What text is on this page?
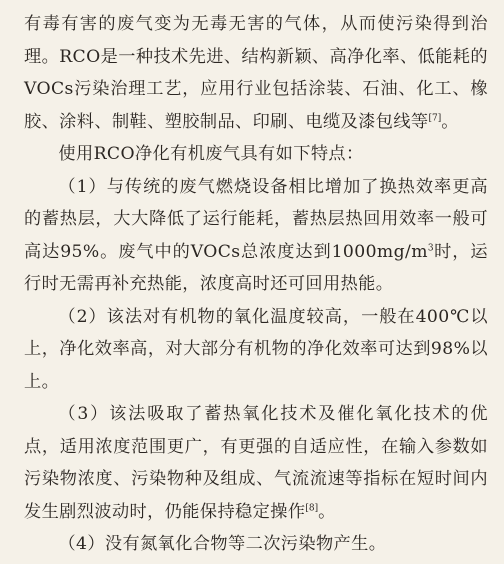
有毒有害的废气变为无毒无害的气体，从而使污染得到治理。RCO是一种技术先进、结构新颖、高净化率、低能耗的VOCs污染治理工艺，应用行业包括涂装、石油、化工、橡胶、涂料、制鞋、塑胶制品、印刷、电缆及漆包线等[7]。

使用RCO净化有机废气具有如下特点：

（1）与传统的废气燃烧设备相比增加了换热效率更高的蓄热层，大大降低了运行能耗，蓄热层热回用效率一般可高达95%。废气中的VOCs总浓度达到$1000mg/m^3$时，运行时无需再补充热能，浓度高时还可回用热能。

（2）该法对有机物的氧化温度较高，一般在400℃以上，净化效率高，对大部分有机物的净化效率可达到98%以上。

（3）该法吸取了蓄热氧化技术及催化氧化技术的优点，适用浓度范围更广，有更强的自适应性，在输入参数如污染物浓度、污染物种及组成、气流流速等指标在短时间内发生剧烈波动时，仍能保持稳定操作[8]。

（4）没有氮氧化合物等二次污染物产生。
